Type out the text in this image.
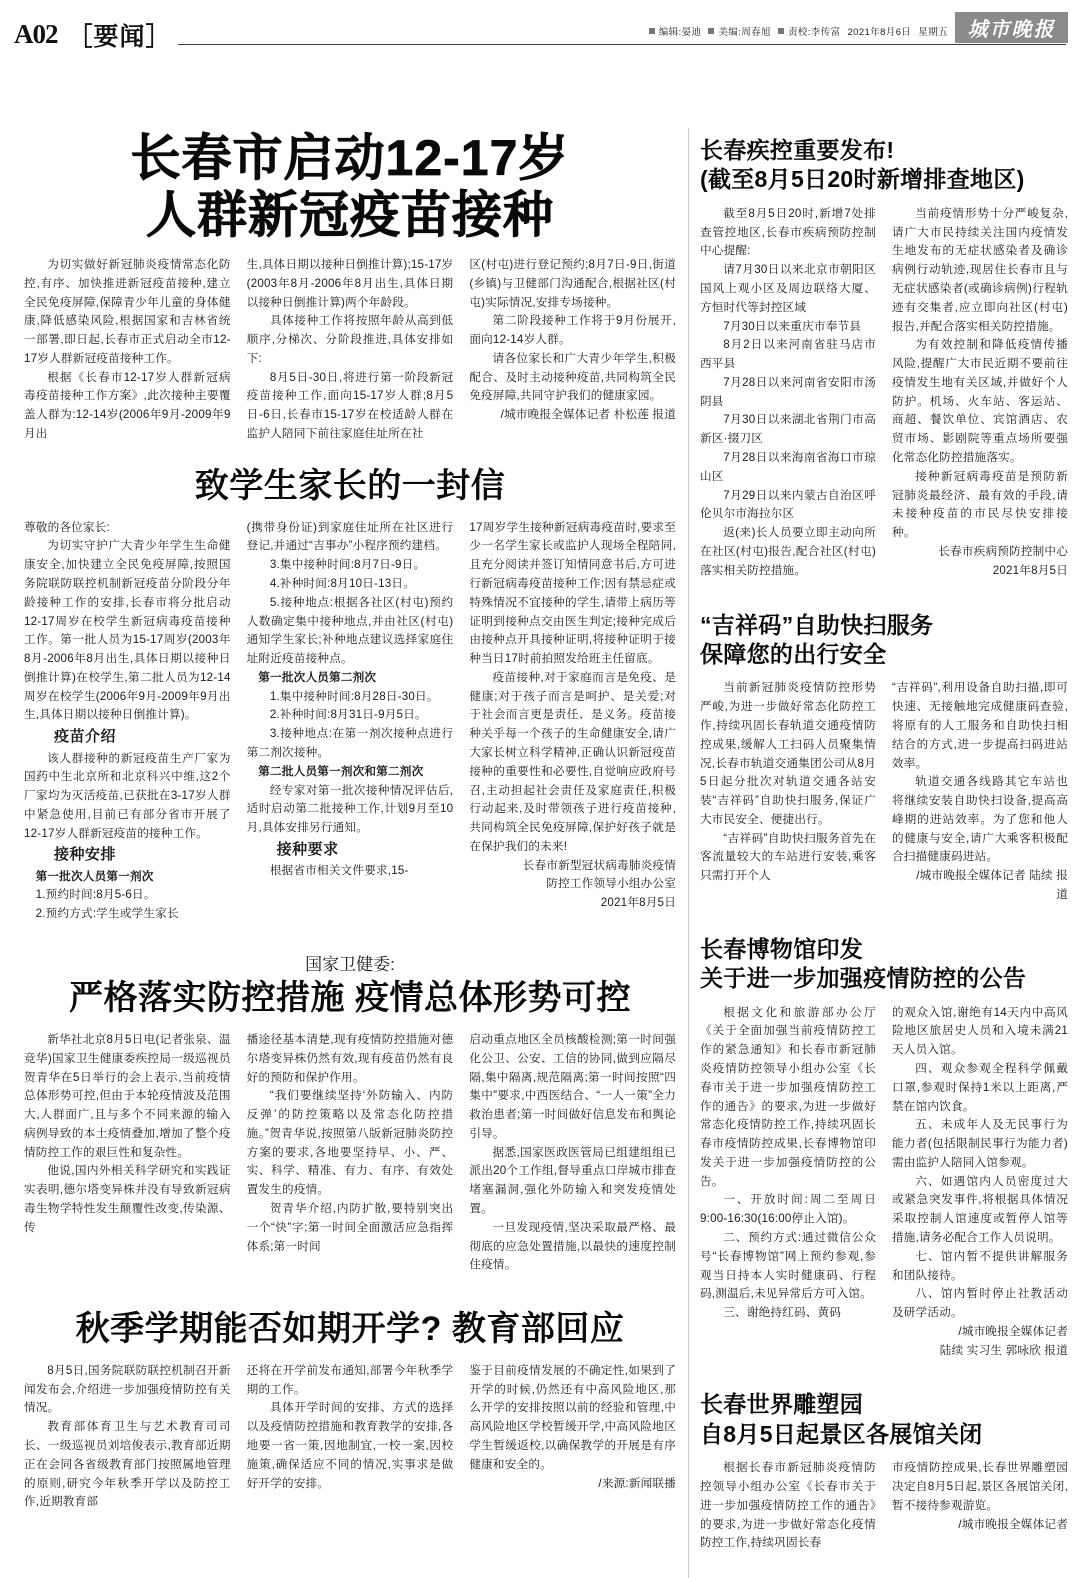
A02 ［要闻］	编辑:晏迪 美编:周春旭 责校:李传富 2021年8月6日 星期五 城市晚报
长春市启动12-17岁
人群新冠疫苗接种

为切实做好新冠肺炎疫情常态化防控,有序、加快推进新冠疫苗接种,建立全民免疫屏障,保障青少年儿童的身体健康,降低感染风险,根据国家和吉林省统一部署,即日起,长春市正式启动全市12-17岁人群新冠疫苗接种工作。

根据《长春市12-17岁人群新冠病毒疫苗接种工作方案》,此次接种主要覆盖人群为:12-14岁(2006年9月-2009年9月出

生,具体日期以接种日倒推计算);15-17岁(2003年8月-2006年8月出生,具体日期以接种日倒推计算)两个年龄段。

具体接种工作将按照年龄从高到低顺序,分梯次、分阶段推进,具体安排如下:

8月5日-30日,将进行第一阶段新冠疫苗接种工作,面向15-17岁人群;8月5日-6日,长春市15-17岁在校适龄人群在监护人陪同下前往家庭住址所在社

区(村屯)进行登记预约;8月7日-9日,街道(乡镇)与卫健部门沟通配合,根据社区(村屯)实际情况,安排专场接种。

第二阶段接种工作将于9月份展开,面向12-14岁人群。

请各位家长和广大青少年学生,积极配合、及时主动接种疫苗,共同构筑全民免疫屏障,共同守护我们的健康家园。

/城市晚报全媒体记者 朴松莲 报道

致学生家长的一封信

尊敬的各位家长:

为切实守护广大青少年学生生命健康安全,加快建立全民免疫屏障,按照国务院联防联控机制新冠疫苗分阶段分年龄接种工作的安排,长春市将分批启动12-17周岁在校学生新冠病毒疫苗接种工作。第一批人员为15-17周岁(2003年8月-2006年8月出生,具体日期以接种日倒推计算)在校学生,第二批人员为12-14周岁在校学生(2006年9月-2009年9月出生,具体日期以接种日倒推计算)。

疫苗介绍

该人群接种的新冠疫苗生产厂家为国药中生北京所和北京科兴中维,这2个厂家均为灭活疫苗,已获批在3-17岁人群中紧急使用,目前已有部分省市开展了12-17岁人群新冠疫苗的接种工作。

接种安排

第一批次人员第一剂次

1.预约时间:8月5-6日。

2.预约方式:学生或学生家长

(携带身份证)到家庭住址所在社区进行登记,并通过“吉事办”小程序预约建档。

3.集中接种时间:8月7日-9日。

4.补种时间:8月10日-13日。

5.接种地点:根据各社区(村屯)预约人数确定集中接种地点,并由社区(村屯)通知学生家长;补种地点建议选择家庭住址附近疫苗接种点。

第一批次人员第二剂次

1.集中接种时间:8月28日-30日。

2.补种时间:8月31日-9月5日。

3.接种地点:在第一剂次接种点进行第二剂次接种。

第二批人员第一剂次和第二剂次

经专家对第一批次接种情况评估后,适时启动第二批接种工作,计划9月至10月,具体安排另行通知。

接种要求

根据省市相关文件要求,15-

17周岁学生接种新冠病毒疫苗时,要求至少一名学生家长或监护人现场全程陪同,且充分阅读并签订知情同意书后,方可进行新冠病毒疫苗接种工作;因有禁忌症或特殊情况不宜接种的学生,请带上病历等证明到接种点交由医生判定;接种完成后由接种点开具接种证明,将接种证明于接种当日17时前拍照发给班主任留底。

疫苗接种,对于家庭而言是免疫、是健康;对于孩子而言是呵护、是关爱;对于社会而言更是责任、是义务。疫苗接种关乎每一个孩子的生命健康安全,请广大家长树立科学精神,正确认识新冠疫苗接种的重要性和必要性,自觉响应政府号召,主动担起社会责任及家庭责任,积极行动起来,及时带领孩子进行疫苗接种,共同构筑全民免疫屏障,保护好孩子就是在保护我们的未来!

长春市新型冠状病毒肺炎疫情

防控工作领导小组办公室

2021年8月5日

国家卫健委:
严格落实防控措施 疫情总体形势可控

新华社北京8月5日电(记者张泉、温竞华)国家卫生健康委疾控局一级巡视员贺青华在5日举行的会上表示,当前疫情总体形势可控,但由于本轮疫情波及范围大,人群面广,且与多个不同来源的输入病例导致的本土疫情叠加,增加了整个疫情防控工作的艰巨性和复杂性。

他说,国内外相关科学研究和实践证实表明,德尔塔变异株并没有导致新冠病毒生物学特性发生颠覆性改变,传染源、传

播途径基本清楚,现有疫情防控措施对德尔塔变异株仍然有效,现有疫苗仍然有良好的预防和保护作用。

“我们要继续坚持‘外防输入、内防反弹’的防控策略以及常态化防控措施。”贺青华说,按照第八版新冠肺炎防控方案的要求,各地要坚持早、小、严、实、科学、精准、有力、有序、有效处置发生的疫情。

贺青华介绍,内防扩散,要特别突出一个“快”字;第一时间全面激活应急指挥体系;第一时间

启动重点地区全员核酸检测;第一时间强化公卫、公安、工信的协同,做到应隔尽隔,集中隔离,规范隔离;第一时间按照“四集中”要求,中西医结合、“一人一策”全力救治患者;第一时间做好信息发布和舆论引导。

据悉,国家医政医管局已组建组组已派出20个工作组,督导重点口岸城市排查堵塞漏洞,强化外防输入和突发疫情处置。

一旦发现疫情,坚决采取最严格、最彻底的应急处置措施,以最快的速度控制住疫情。

秋季学期能否如期开学? 教育部回应

8月5日,国务院联防联控机制召开新闻发布会,介绍进一步加强疫情防控有关情况。

教育部体育卫生与艺术教育司司长、一级巡视员刘培俊表示,教育部近期正在会同各省级教育部门按照属地管理的原则,研究今年秋季开学以及防控工作,近期教育部

还将在开学前发布通知,部署今年秋季学期的工作。

具体开学时间的安排、方式的选择以及疫情防控措施和教育教学的安排,各地要一省一策,因地制宜,一校一案,因校施策,确保适应不同的情况,实事求是做好开学的安排。

鉴于目前疫情发展的不确定性,如果到了开学的时候,仍然还有中高风险地区,那么开学的安排按照以前的经验和管理,中高风险地区学校暂缓开学,中高风险地区学生暂缓返校,以确保教学的开展是有序健康和安全的。

/来源:新闻联播

长春疾控重要发布!
(截至8月5日20时新增排查地区)

截至8月5日20时,新增7处排查管控地区,长春市疾病预防控制中心提醒:

请7月30日以来北京市朝阳区国风上观小区及周边联络大厦、方恒时代等封控区域

7月30日以来重庆市奉节县

8月2日以来河南省驻马店市西平县

7月28日以来河南省安阳市汤阴县

7月30日以来湖北省荆门市高新区·掇刀区

7月28日以来海南省海口市琼山区

7月29日以来内蒙古自治区呼伦贝尔市海拉尔区

返(来)长人员要立即主动向所在社区(村屯)报告,配合社区(村屯)落实相关防控措施。

当前疫情形势十分严峻复杂,请广大市民持续关注国内疫情发生地发布的无症状感染者及确诊病例行动轨迹,现居住长春市且与无症状感染者(或确诊病例)行程轨迹有交集者,应立即向社区(村屯)报告,并配合落实相关防控措施。

为有效控制和降低疫情传播风险,提醒广大市民近期不要前往疫情发生地有关区域,并做好个人防护。机场、火车站、客运站、商超、餐饮单位、宾馆酒店、农贸市场、影剧院等重点场所要强化常态化防控措施落实。

接种新冠病毒疫苗是预防新冠肺炎最经济、最有效的手段,请未接种疫苗的市民尽快安排接种。

长春市疾病预防控制中心

2021年8月5日

“吉祥码”自助快扫服务
保障您的出行安全

当前新冠肺炎疫情防控形势严峻,为进一步做好常态化防控工作,持续巩固长春轨道交通疫情防控成果,缓解人工扫码人员聚集情况,长春市轨道交通集团公司从8月5日起分批次对轨道交通各站安装“吉祥码”自助快扫服务,保证广大市民安全、便捷出行。

“吉祥码”自助快扫服务首先在客流量较大的车站进行安装,乘客只需打开个人

“吉祥码”,利用设备自助扫描,即可快速、无接触地完成健康码查验,将原有的人工服务和自助快扫相结合的方式,进一步提高扫码进站效率。

轨道交通各线路其它车站也将继续安装自助快扫设备,提高高峰期的进站效率。为了您和他人的健康与安全,请广大乘客积极配合扫描健康码进站。

/城市晚报全媒体记者 陆续 报道

长春博物馆印发
关于进一步加强疫情防控的公告

根据文化和旅游部办公厅《关于全面加强当前疫情防控工作的紧急通知》和长春市新冠肺炎疫情防控领导小组办公室《长春市关于进一步加强疫情防控工作的通告》的要求,为进一步做好常态化疫情防控工作,持续巩固长春市疫情防控成果,长春博物馆印发关于进一步加强疫情防控的公告。

一、开放时间:周二至周日9:00-16:30(16:00停止入馆)。

二、预约方式:通过微信公众号“长春博物馆”网上预约参观,参观当日持本人实时健康码、行程码,测温后,未见异常后方可入馆。

三、谢绝持红码、黄码

的观众入馆,谢绝有14天内中高风险地区旅居史人员和入境未满21天人员入馆。

四、观众参观全程科学佩戴口罩,参观时保持1米以上距离,严禁在馆内饮食。

五、未成年人及无民事行为能力者(包括限制民事行为能力者)需由监护人陪同入馆参观。

六、如遇馆内人员密度过大或紧急突发事件,将根据具体情况采取控制人馆速度或暂停人馆等措施,请务必配合工作人员说明。

七、馆内暂不提供讲解服务和团队接待。

八、馆内暂时停止社教活动及研学活动。

/城市晚报全媒体记者

陆续 实习生 郭咏欣 报道

长春世界雕塑园
自8月5日起景区各展馆关闭

根据长春市新冠肺炎疫情防控领导小组办公室《长春市关于进一步加强疫情防控工作的通告》的要求,为进一步做好常态化疫情防控工作,持续巩固长春

市疫情防控成果,长春世界雕塑园决定自8月5日起,景区各展馆关闭,暂不接待参观游览。

/城市晚报全媒体记者
